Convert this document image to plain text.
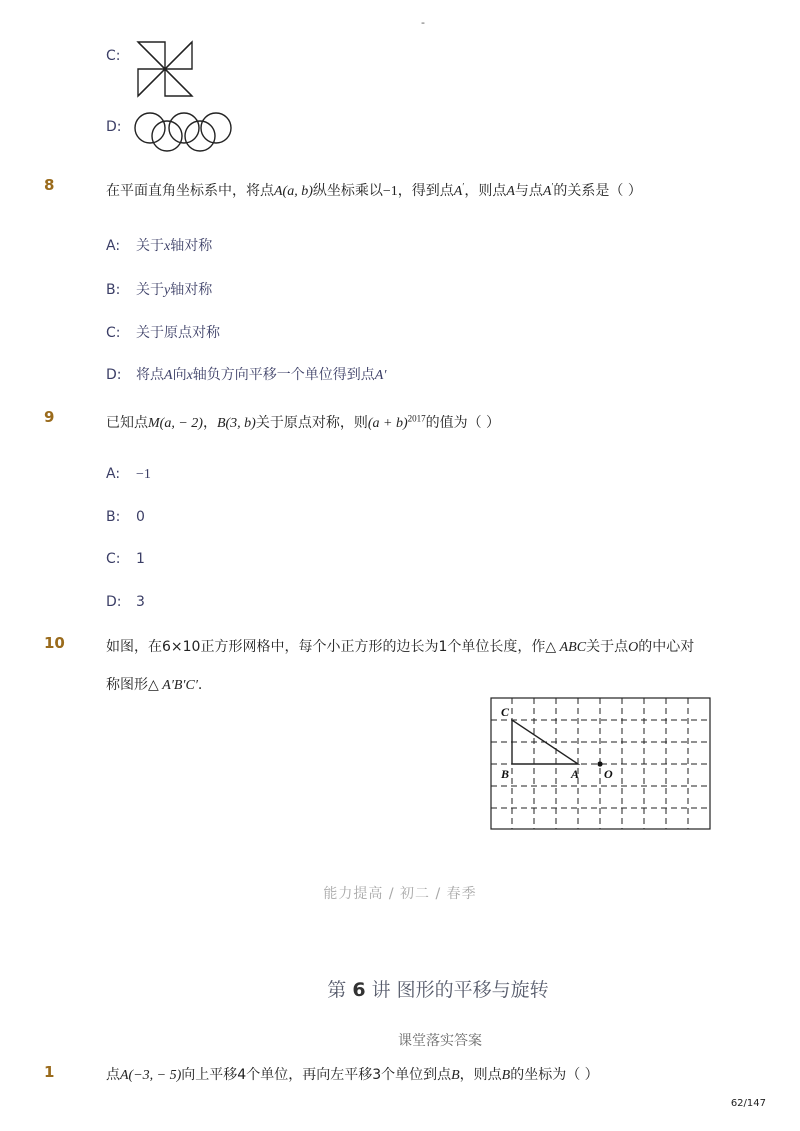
-
C:
D:
8	在平面直角坐标系中，将点A(a, b)纵坐标乘以−1，得到点A′，则点A与点A′的关系是（ ）
A: 关于x轴对称
B: 关于y轴对称
C: 关于原点对称
D: 将点A向x轴负方向平移一个单位得到点A′
9	已知点M(a, − 2)，B(3, b)关于原点对称，则$(a + b)^{2017}$的值为（ ）
A: −1
B: 0
C: 1
D: 3
10	如图，在6×10正方形网格中，每个小正方形的边长为1个单位长度，作△ ABC关于点O的中心对
称图形△ A′B′C′.
C
B	A O
能力提高 / 初二 / 春季
第 6 讲 图形的平移与旋转
课堂落实答案
1	点A(−3, − 5)向上平移4个单位，再向左平移3个单位到点B，则点B的坐标为（ ）
62/147
